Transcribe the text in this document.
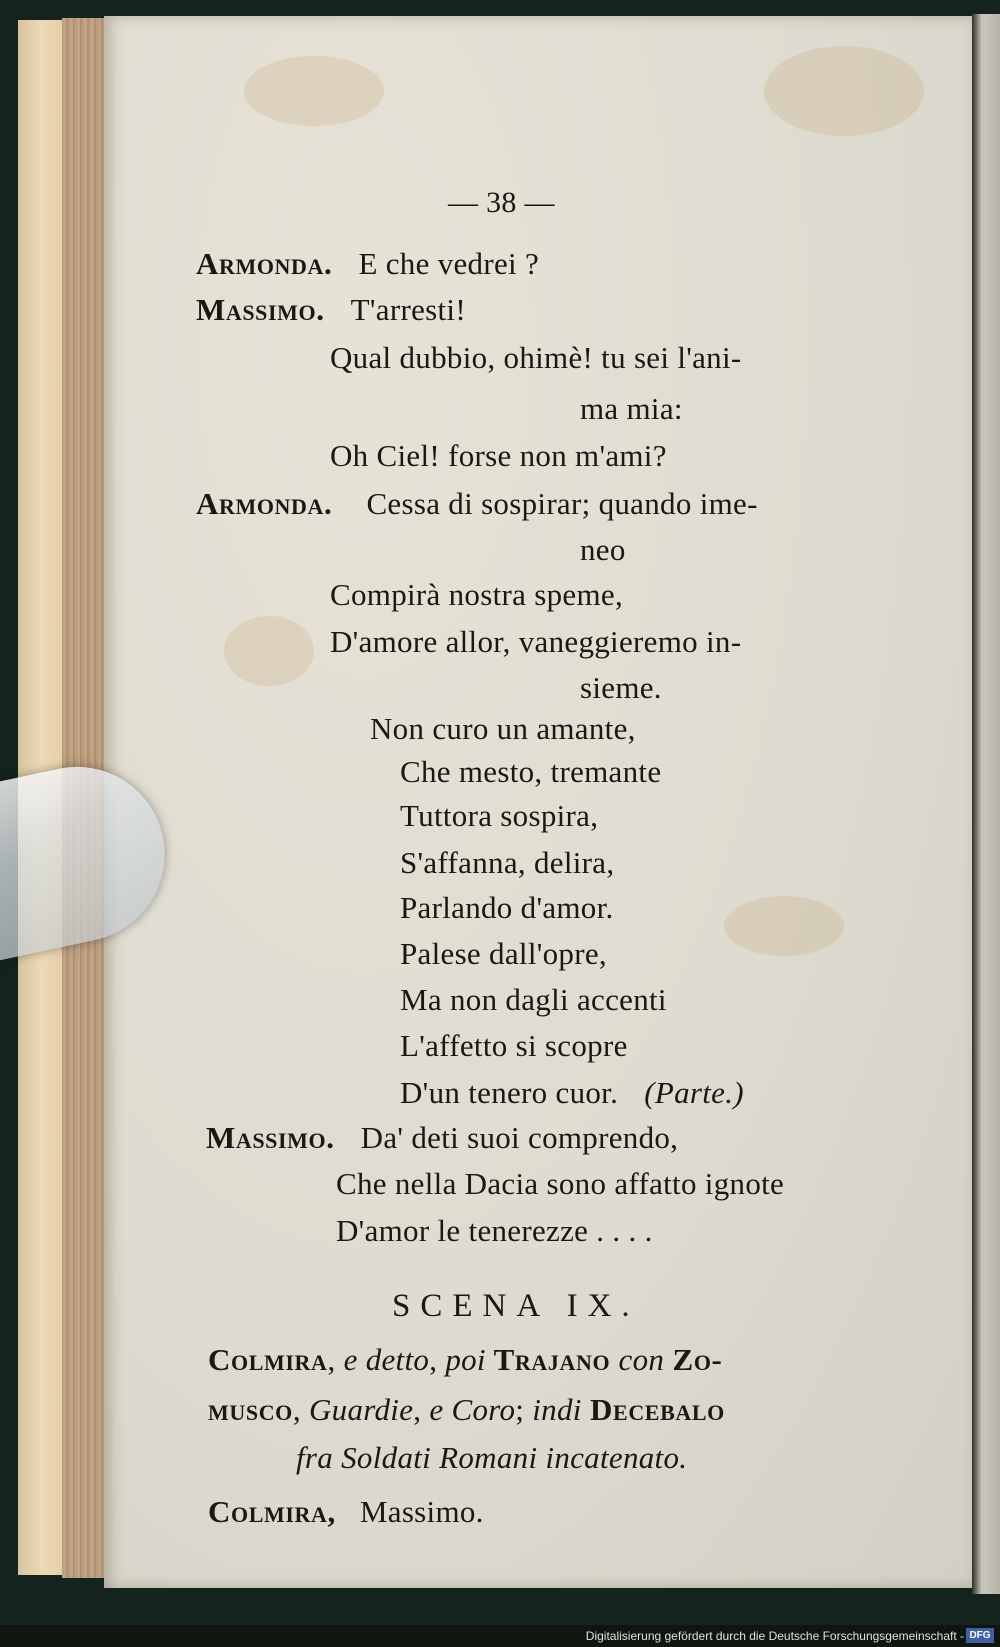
— 38 —
Armonda. E che vedrei ?
Massimo. T'arresti!
Qual dubbio, ohimè! tu sei l'ani-
ma mia:
Oh Ciel! forse non m'ami?
Armonda. Cessa di sospirar; quando ime-
neo
Compirà nostra speme,
D'amore allor, vaneggieremo in-
sieme.
Non curo un amante,
Che mesto, tremante
Tuttora sospira,
S'affanna, delira,
Parlando d'amor.
Palese dall'opre,
Ma non dagli accenti
L'affetto si scopre
D'un tenero cuor. (Parte.)
Massimo. Da' deti suoi comprendo,
Che nella Dacia sono affatto ignote
D'amor le tenerezze . . . .
SCENA IX.
Colmira, e detto, poi Trajano con Zo-
musco, Guardie, e Coro; indi Decebalo
fra Soldati Romani incatenato.
Colmira, Massimo.
Digitalisierung gefördert durch die Deutsche Forschungsgemeinschaft - DFG
